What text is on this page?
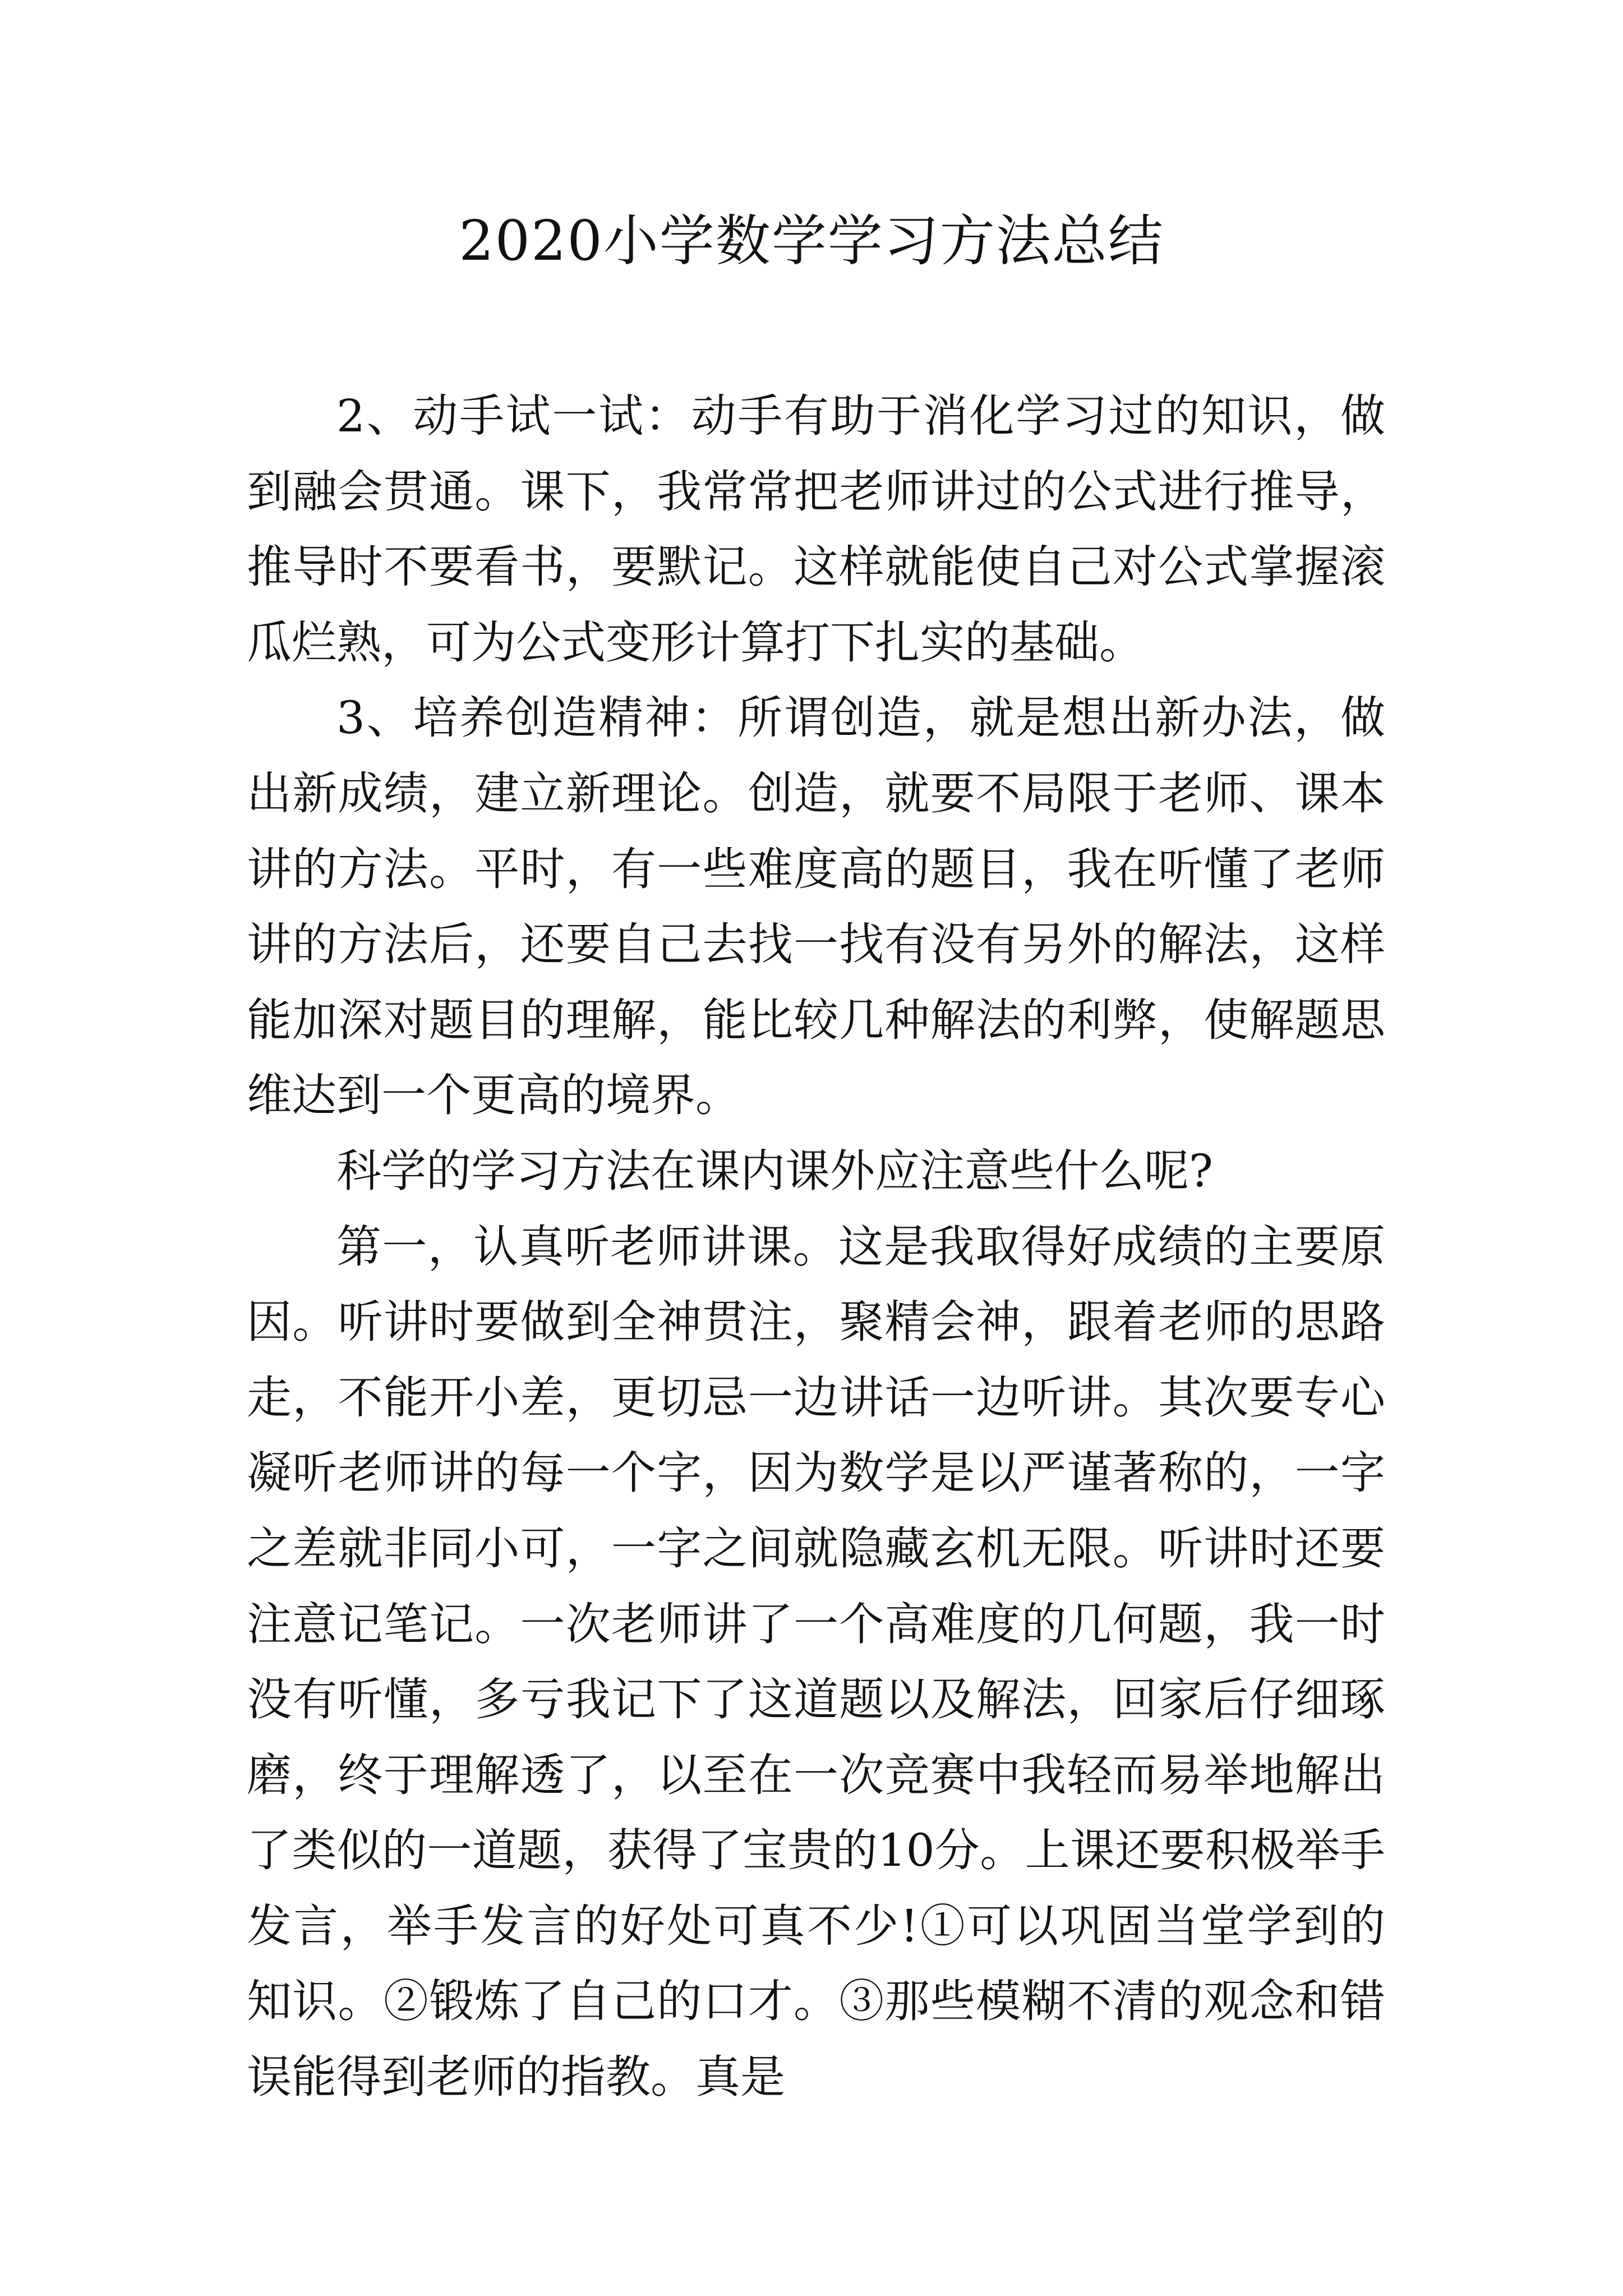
2020小学数学学习方法总结

2、动手试一试：动手有助于消化学习过的知识，做到融会贯通。课下，我常常把老师讲过的公式进行推导，推导时不要看书，要默记。这样就能使自己对公式掌握滚瓜烂熟，可为公式变形计算打下扎实的基础。

3、培养创造精神：所谓创造，就是想出新办法，做出新成绩，建立新理论。创造，就要不局限于老师、课本讲的方法。平时，有一些难度高的题目，我在听懂了老师讲的方法后，还要自己去找一找有没有另外的解法，这样能加深对题目的理解，能比较几种解法的利弊，使解题思维达到一个更高的境界。

科学的学习方法在课内课外应注意些什么呢?

第一，认真听老师讲课。这是我取得好成绩的主要原因。听讲时要做到全神贯注，聚精会神，跟着老师的思路走，不能开小差，更切忌一边讲话一边听讲。其次要专心凝听老师讲的每一个字，因为数学是以严谨著称的，一字之差就非同小可，一字之间就隐藏玄机无限。听讲时还要注意记笔记。一次老师讲了一个高难度的几何题，我一时没有听懂，多亏我记下了这道题以及解法，回家后仔细琢磨，终于理解透了，以至在一次竞赛中我轻而易举地解出了类似的一道题，获得了宝贵的10分。上课还要积极举手发言，举手发言的好处可真不少!①可以巩固当堂学到的知识。②锻炼了自己的口才。③那些模糊不清的观念和错误能得到老师的指教。真是
